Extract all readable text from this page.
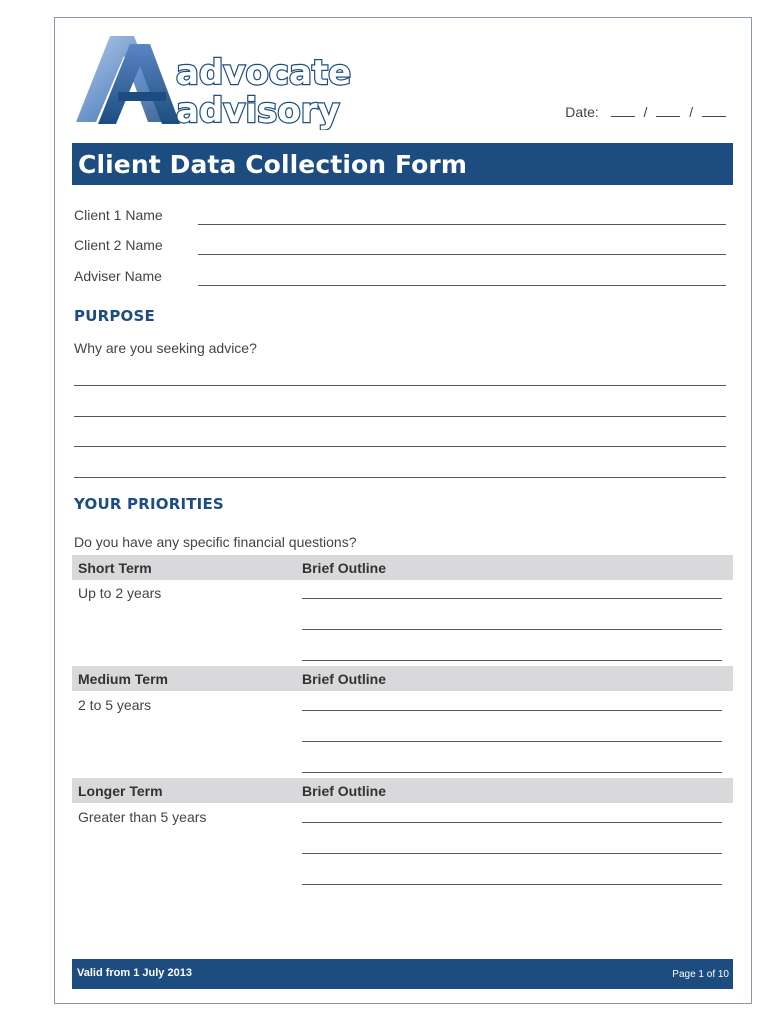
advocate
advisory	Date:	/	/
Client Data Collection Form
Client 1 Name
Client 2 Name
Adviser Name
PURPOSE
Why are you seeking advice?
YOUR PRIORITIES
Do you have any specific financial questions?
Short Term	Brief Outline
Up to 2 years
Medium Term	Brief Outline
2 to 5 years
Longer Term	Brief Outline
Greater than 5 years
Valid from 1 July 2013	Page 1 of 10
